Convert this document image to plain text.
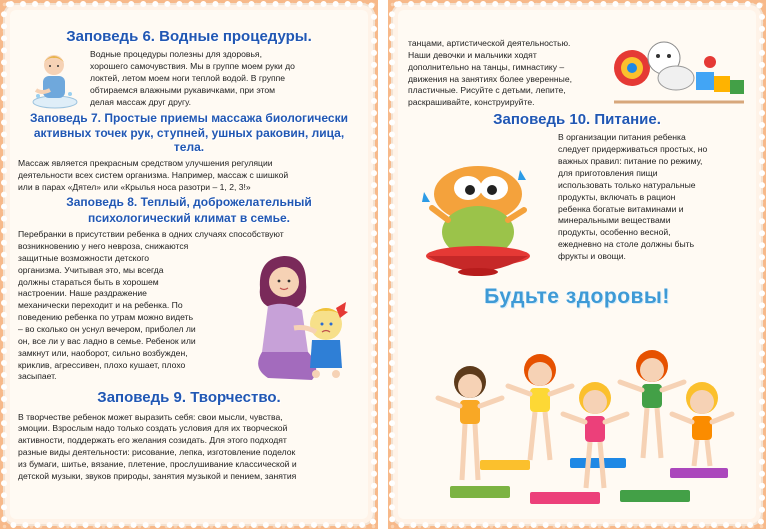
Заповедь 6. Водные процедуры.
Водные процедуры полезны для здоровья,
хорошего самочувствия. Мы в группе моем руки до
локтей, летом моем ноги теплой водой. В группе
обтираемся влажными рукавичками, при этом
делая массаж друг другу.
Заповедь 7. Простые приемы массажа биологически
активных точек рук, ступней, ушных раковин, лица, тела.
Массаж является прекрасным средством улучшения регуляции
деятельности всех систем организма. Например, массаж с шишкой
или в парах «Дятел» или «Крылья носа разотри – 1, 2, 3!»
Заповедь 8. Теплый, доброжелательный
психологический климат в семье.
Перебранки в присутствии ребенка в одних случаях способствуют
возникновению у него невроза, снижаются
защитные возможности детского
организма. Учитывая это, мы всегда
должны стараться быть в хорошем
настроении. Наше раздражение
механически переходит и на ребенка. По
поведению ребенка по утрам можно видеть
– во сколько он уснул вечером, приболел ли
он, все ли у вас ладно в семье. Ребенок или
замкнут или, наоборот, сильно возбужден,
криклив, агрессивен, плохо кушает, плохо
засыпает.
Заповедь 9. Творчество.
В творчестве ребенок может выразить себя: свои мысли, чувства,
эмоции. Взрослым надо только создать условия для их творческой
активности, поддержать его желания созидать. Для этого подходят
разные виды деятельности: рисование, лепка, изготовление поделок
из бумаги, шитье, вязание, плетение, прослушивание классической и
детской музыки, звуков природы, занятия музыкой и пением, занятия
танцами, артистической деятельностью.
Наши девочки и мальчики ходят
дополнительно на танцы, гимнастику –
движения на занятиях более уверенные,
пластичные. Рисуйте с детьми, лепите,
раскрашивайте, конструируйте.
Заповедь 10. Питание.
В организации питания ребенка
следует придерживаться простых, но
важных правил: питание по режиму,
для приготовления пищи
использовать только натуральные
продукты, включать в рацион
ребенка богатые витаминами и
минеральными веществами
продукты, особенно весной,
ежедневно на столе должны быть
фрукты и овощи.
Будьте здоровы!
